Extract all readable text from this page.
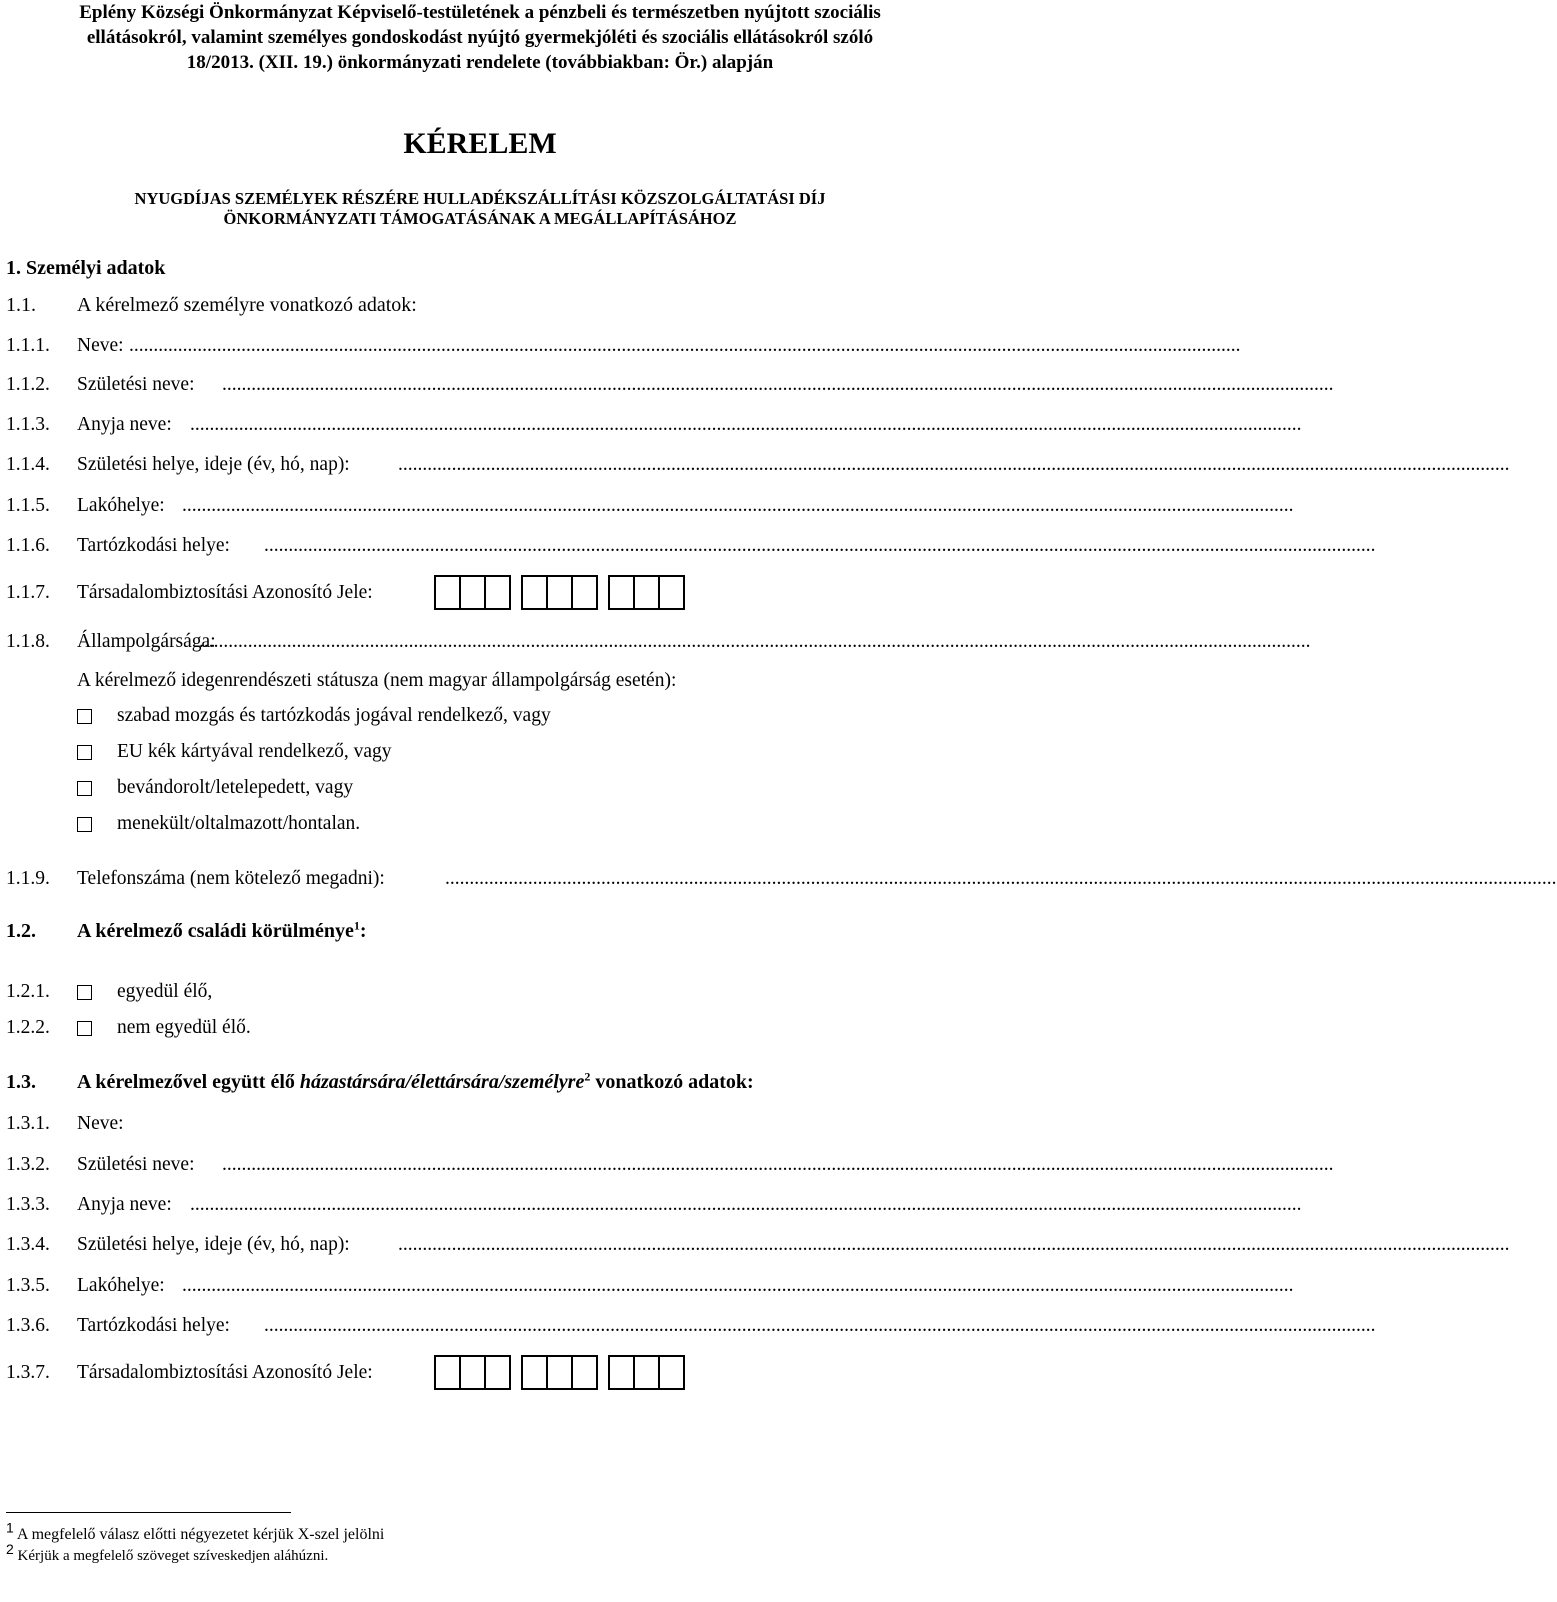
Eplény Községi Önkormányzat Képviselő-testületének a pénzbeli és természetben nyújtott szociális
ellátásokról, valamint személyes gondoskodást nyújtó gyermekjóléti és szociális ellátásokról szóló
18/2013. (XII. 19.) önkormányzati rendelete (továbbiakban: Ör.) alapján
KÉRELEM
NYUGDÍJAS SZEMÉLYEK RÉSZÉRE HULLADÉKSZÁLLÍTÁSI KÖZSZOLGÁLTATÁSI DÍJ
ÖNKORMÁNYZATI TÁMOGATÁSÁNAK A MEGÁLLAPÍTÁSÁHOZ
1. Személyi adatok
1.1. A kérelmező személyre vonatkozó adatok:
1.1.1. Neve: ....................................................................................................................................................................................................................................
1.1.2. Születési neve: ....................................................................................................................................................................................................................................
1.1.3. Anyja neve: ....................................................................................................................................................................................................................................
1.1.4. Születési helye, ideje (év, hó, nap): ....................................................................................................................................................................................................................................
1.1.5. Lakóhelye: ....................................................................................................................................................................................................................................
1.1.6. Tartózkodási helye: ....................................................................................................................................................................................................................................
1.1.7. Társadalombiztosítási Azonosító Jele:
1.1.8. Állampolgársága:
....................................................................................................................................................................................................................................
A kérelmező idegenrendészeti státusza (nem magyar állampolgárság esetén):
szabad mozgás és tartózkodás jogával rendelkező, vagy
EU kék kártyával rendelkező, vagy
bevándorolt/letelepedett, vagy
menekült/oltalmazott/hontalan.
1.1.9. Telefonszáma (nem kötelező megadni):	....................................................................................................................................................................................................................................
1.2. A kérelmező családi körülménye$^1$:
1.2.1.	egyedül élő,
1.2.2.	nem egyedül élő.
1.3. A kérelmezővel együtt élő házastársára/élettársára/személyre$^2$ vonatkozó adatok:
1.3.1. Neve:
1.3.2. Születési neve: ....................................................................................................................................................................................................................................
1.3.3. Anyja neve: ....................................................................................................................................................................................................................................
1.3.4. Születési helye, ideje (év, hó, nap): ....................................................................................................................................................................................................................................
1.3.5. Lakóhelye: ....................................................................................................................................................................................................................................
1.3.6. Tartózkodási helye: ....................................................................................................................................................................................................................................
1.3.7. Társadalombiztosítási Azonosító Jele:
$^1$ A megfelelő válasz előtti négyezetet kérjük X-szel jelölni
$^2$ Kérjük a megfelelő szöveget szíveskedjen aláhúzni.
